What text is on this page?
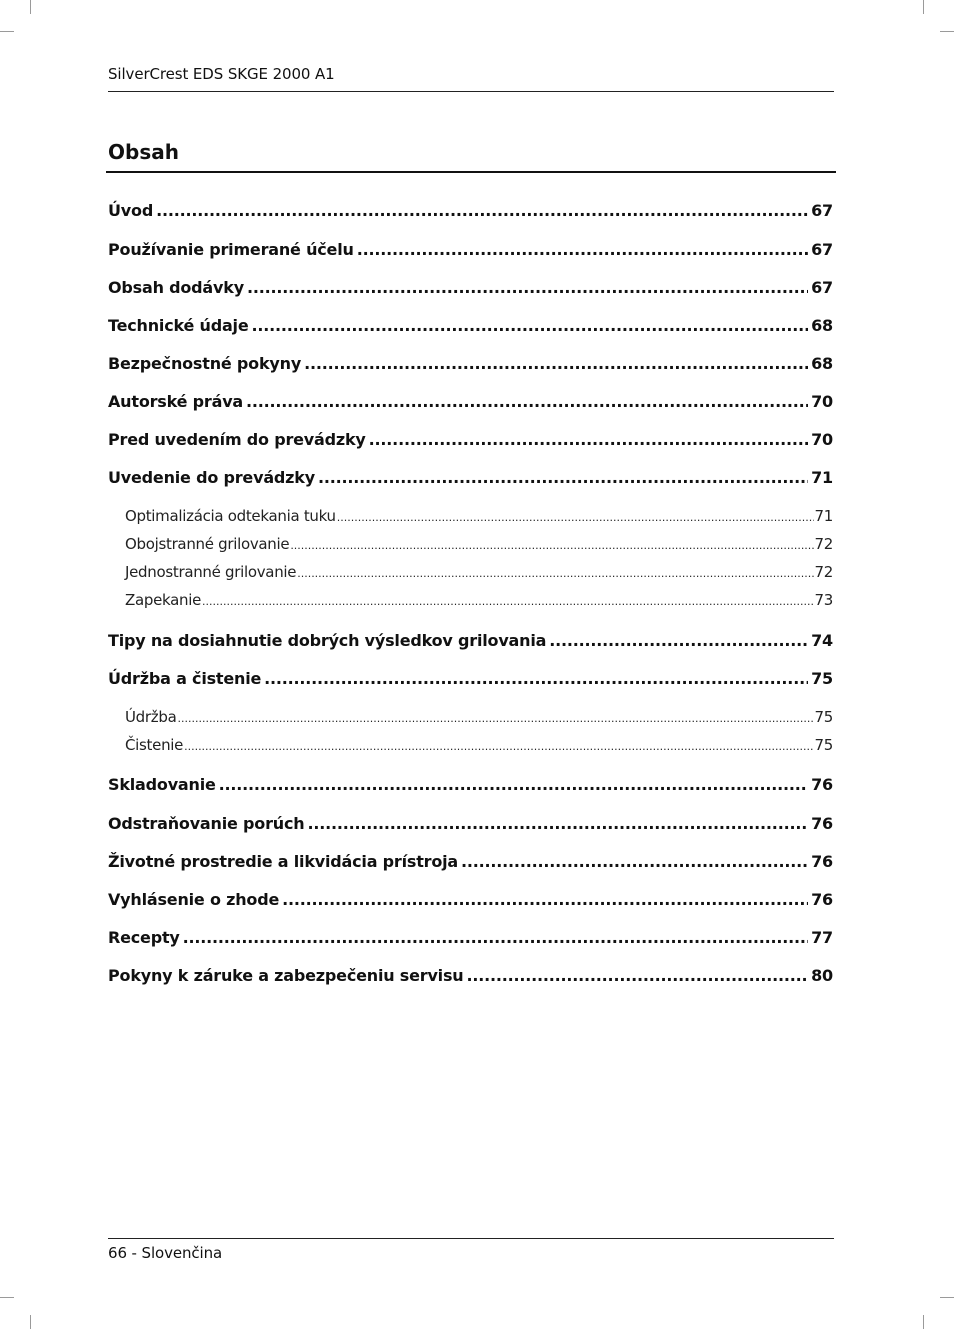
SilverCrest EDS SKGE 2000 A1
Obsah
Úvod .....	67
Používanie primerané účelu .....	67
Obsah dodávky .....	67
Technické údaje .....	68
Bezpečnostné pokyny .....	68
Autorské práva .....	70
Pred uvedením do prevádzky .....	70
Uvedenie do prevádzky .....	71
Optimalizácia odtekania tuku .....	71
Obojstranné grilovanie .....	72
Jednostranné grilovanie .....	72
Zapekanie .....	73
Tipy na dosiahnutie dobrých výsledkov grilovania .....	74
Údržba a čistenie .....	75
Údržba .....	75
Čistenie .....	75
Skladovanie .....	76
Odstraňovanie porúch .....	76
Životné prostredie a likvidácia prístroja .....	76
Vyhlásenie o zhode .....	76
Recepty .....	77
Pokyny k záruke a zabezpečeniu servisu .....	80
66 - Slovenčina
